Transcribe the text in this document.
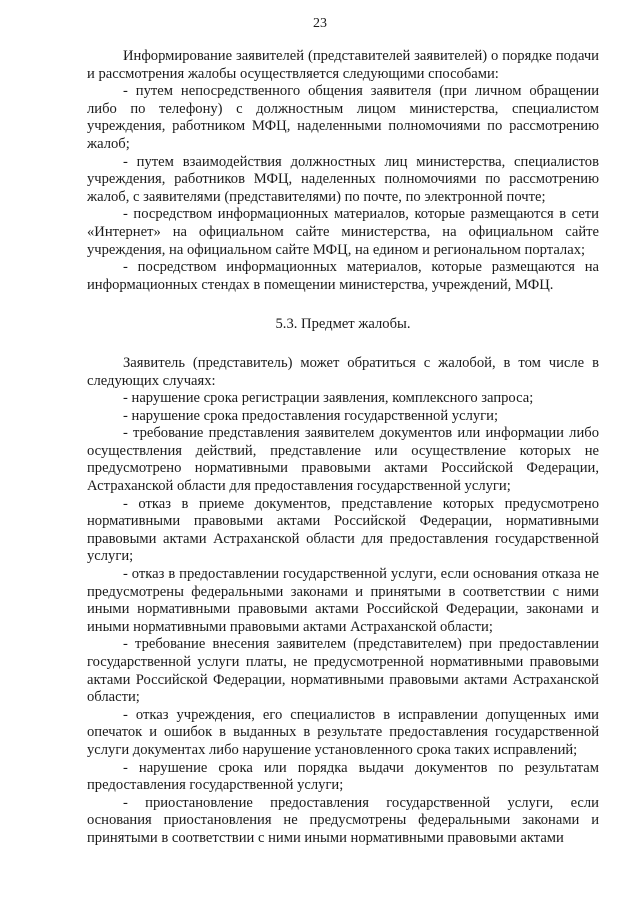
23

Информирование заявителей (представителей заявителей) о порядке подачи и рассмотрения жалобы осуществляется следующими способами:

- путем непосредственного общения заявителя (при личном обращении либо по телефону) с должностным лицом министерства, специалистом учреждения, работником МФЦ, наделенными полномочиями по рассмотрению жалоб;

- путем взаимодействия должностных лиц министерства, специалистов учреждения, работников МФЦ, наделенных полномочиями по рассмотрению жалоб, с заявителями (представителями) по почте, по электронной почте;

- посредством информационных материалов, которые размещаются в сети «Интернет» на официальном сайте министерства, на официальном сайте учреждения, на официальном сайте МФЦ, на едином и региональном порталах;

- посредством информационных материалов, которые размещаются на информационных стендах в помещении министерства, учреждений, МФЦ.

5.3. Предмет жалобы.

Заявитель (представитель) может обратиться с жалобой, в том числе в следующих случаях:

- нарушение срока регистрации заявления, комплексного запроса;

- нарушение срока предоставления государственной услуги;

- требование представления заявителем документов или информации либо осуществления действий, представление или осуществление которых не предусмотрено нормативными правовыми актами Российской Федерации, Астраханской области для предоставления государственной услуги;

- отказ в приеме документов, представление которых предусмотрено нормативными правовыми актами Российской Федерации, нормативными правовыми актами Астраханской области для предоставления государственной услуги;

- отказ в предоставлении государственной услуги, если основания отказа не предусмотрены федеральными законами и принятыми в соответствии с ними иными нормативными правовыми актами Российской Федерации, законами и иными нормативными правовыми актами Астраханской области;

- требование внесения заявителем (представителем) при предоставлении государственной услуги платы, не предусмотренной нормативными правовыми актами Российской Федерации, нормативными правовыми актами Астраханской области;

- отказ учреждения, его специалистов в исправлении допущенных ими опечаток и ошибок в выданных в результате предоставления государственной услуги документах либо нарушение установленного срока таких исправлений;

- нарушение срока или порядка выдачи документов по результатам предоставления государственной услуги;

- приостановление предоставления государственной услуги, если основания приостановления не предусмотрены федеральными законами и принятыми в соответствии с ними иными нормативными правовыми актами
